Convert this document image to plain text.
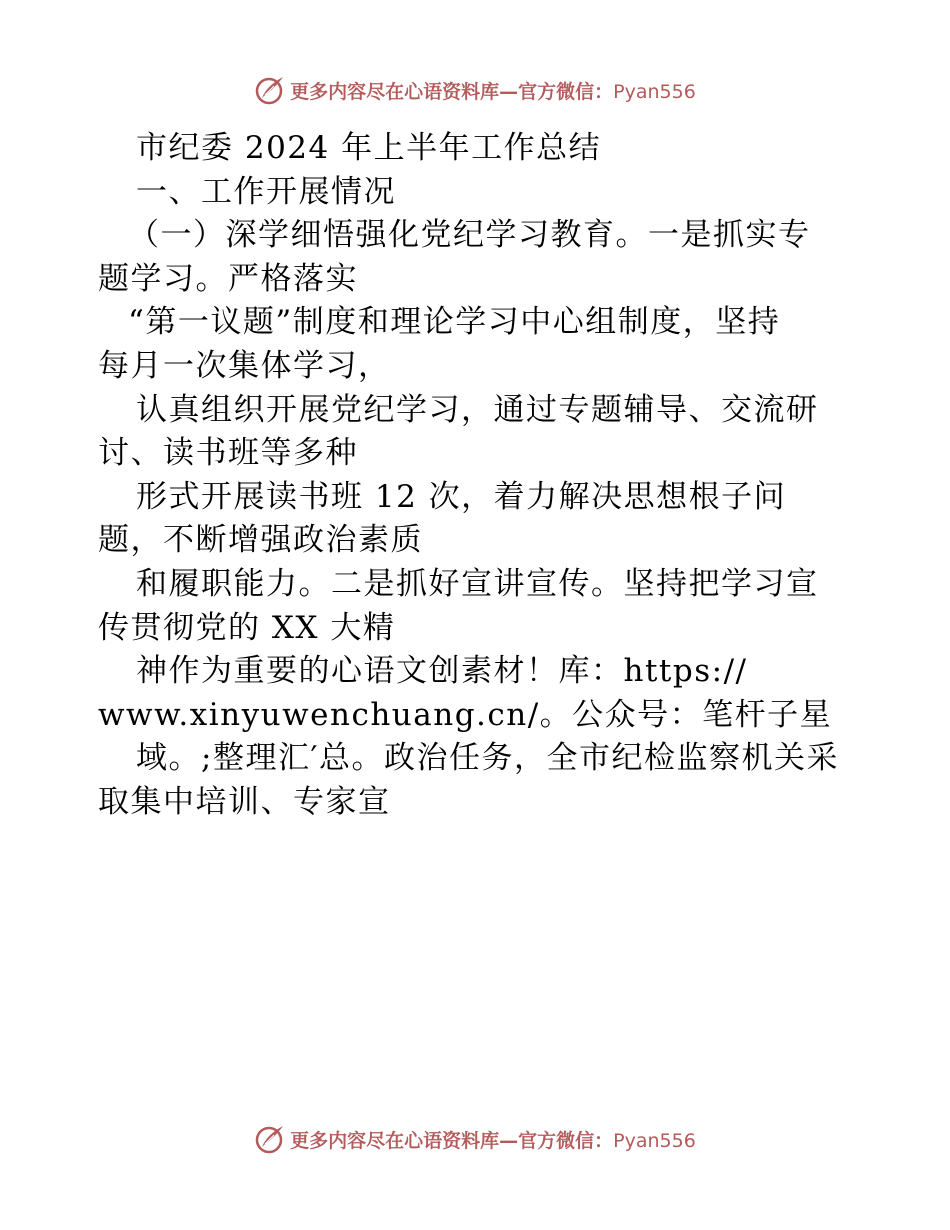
更多内容尽在心语资料库—官方微信：Pyan556
市纪委 2024 年上半年工作总结
一、工作开展情况
（一）深学细悟强化党纪学习教育。一是抓实专
题学习。严格落实
“第一议题”制度和理论学习中心组制度，坚持
每月一次集体学习，
认真组织开展党纪学习，通过专题辅导、交流研
讨、读书班等多种
形式开展读书班 12 次，着力解决思想根子问
题，不断增强政治素质
和履职能力。二是抓好宣讲宣传。坚持把学习宣
传贯彻党的 XX 大精
神作为重要的心语文创素材！库：https://
www.xinyuwenchuang.cn/。公众号：笔杆子星
域。;整理汇′总。政治任务，全市纪检监察机关采
取集中培训、专家宣
更多内容尽在心语资料库—官方微信：Pyan556
